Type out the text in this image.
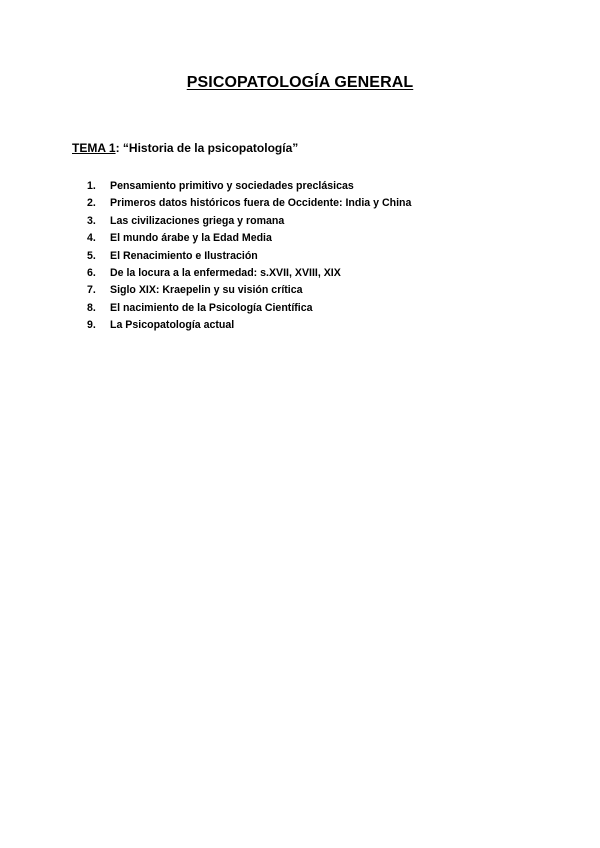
PSICOPATOLOGÍA GENERAL
TEMA 1: “Historia de la psicopatología”
1.	Pensamiento primitivo y sociedades preclásicas
2.	Primeros datos históricos fuera de Occidente: India y China
3.	Las civilizaciones griega y romana
4.	El mundo árabe y la Edad Media
5.	El Renacimiento e Ilustración
6.	De la locura a la enfermedad: s.XVII, XVIII, XIX
7.	Siglo XIX: Kraepelin y su visión crítica
8.	El nacimiento de la Psicología Científica
9.	La Psicopatología actual
